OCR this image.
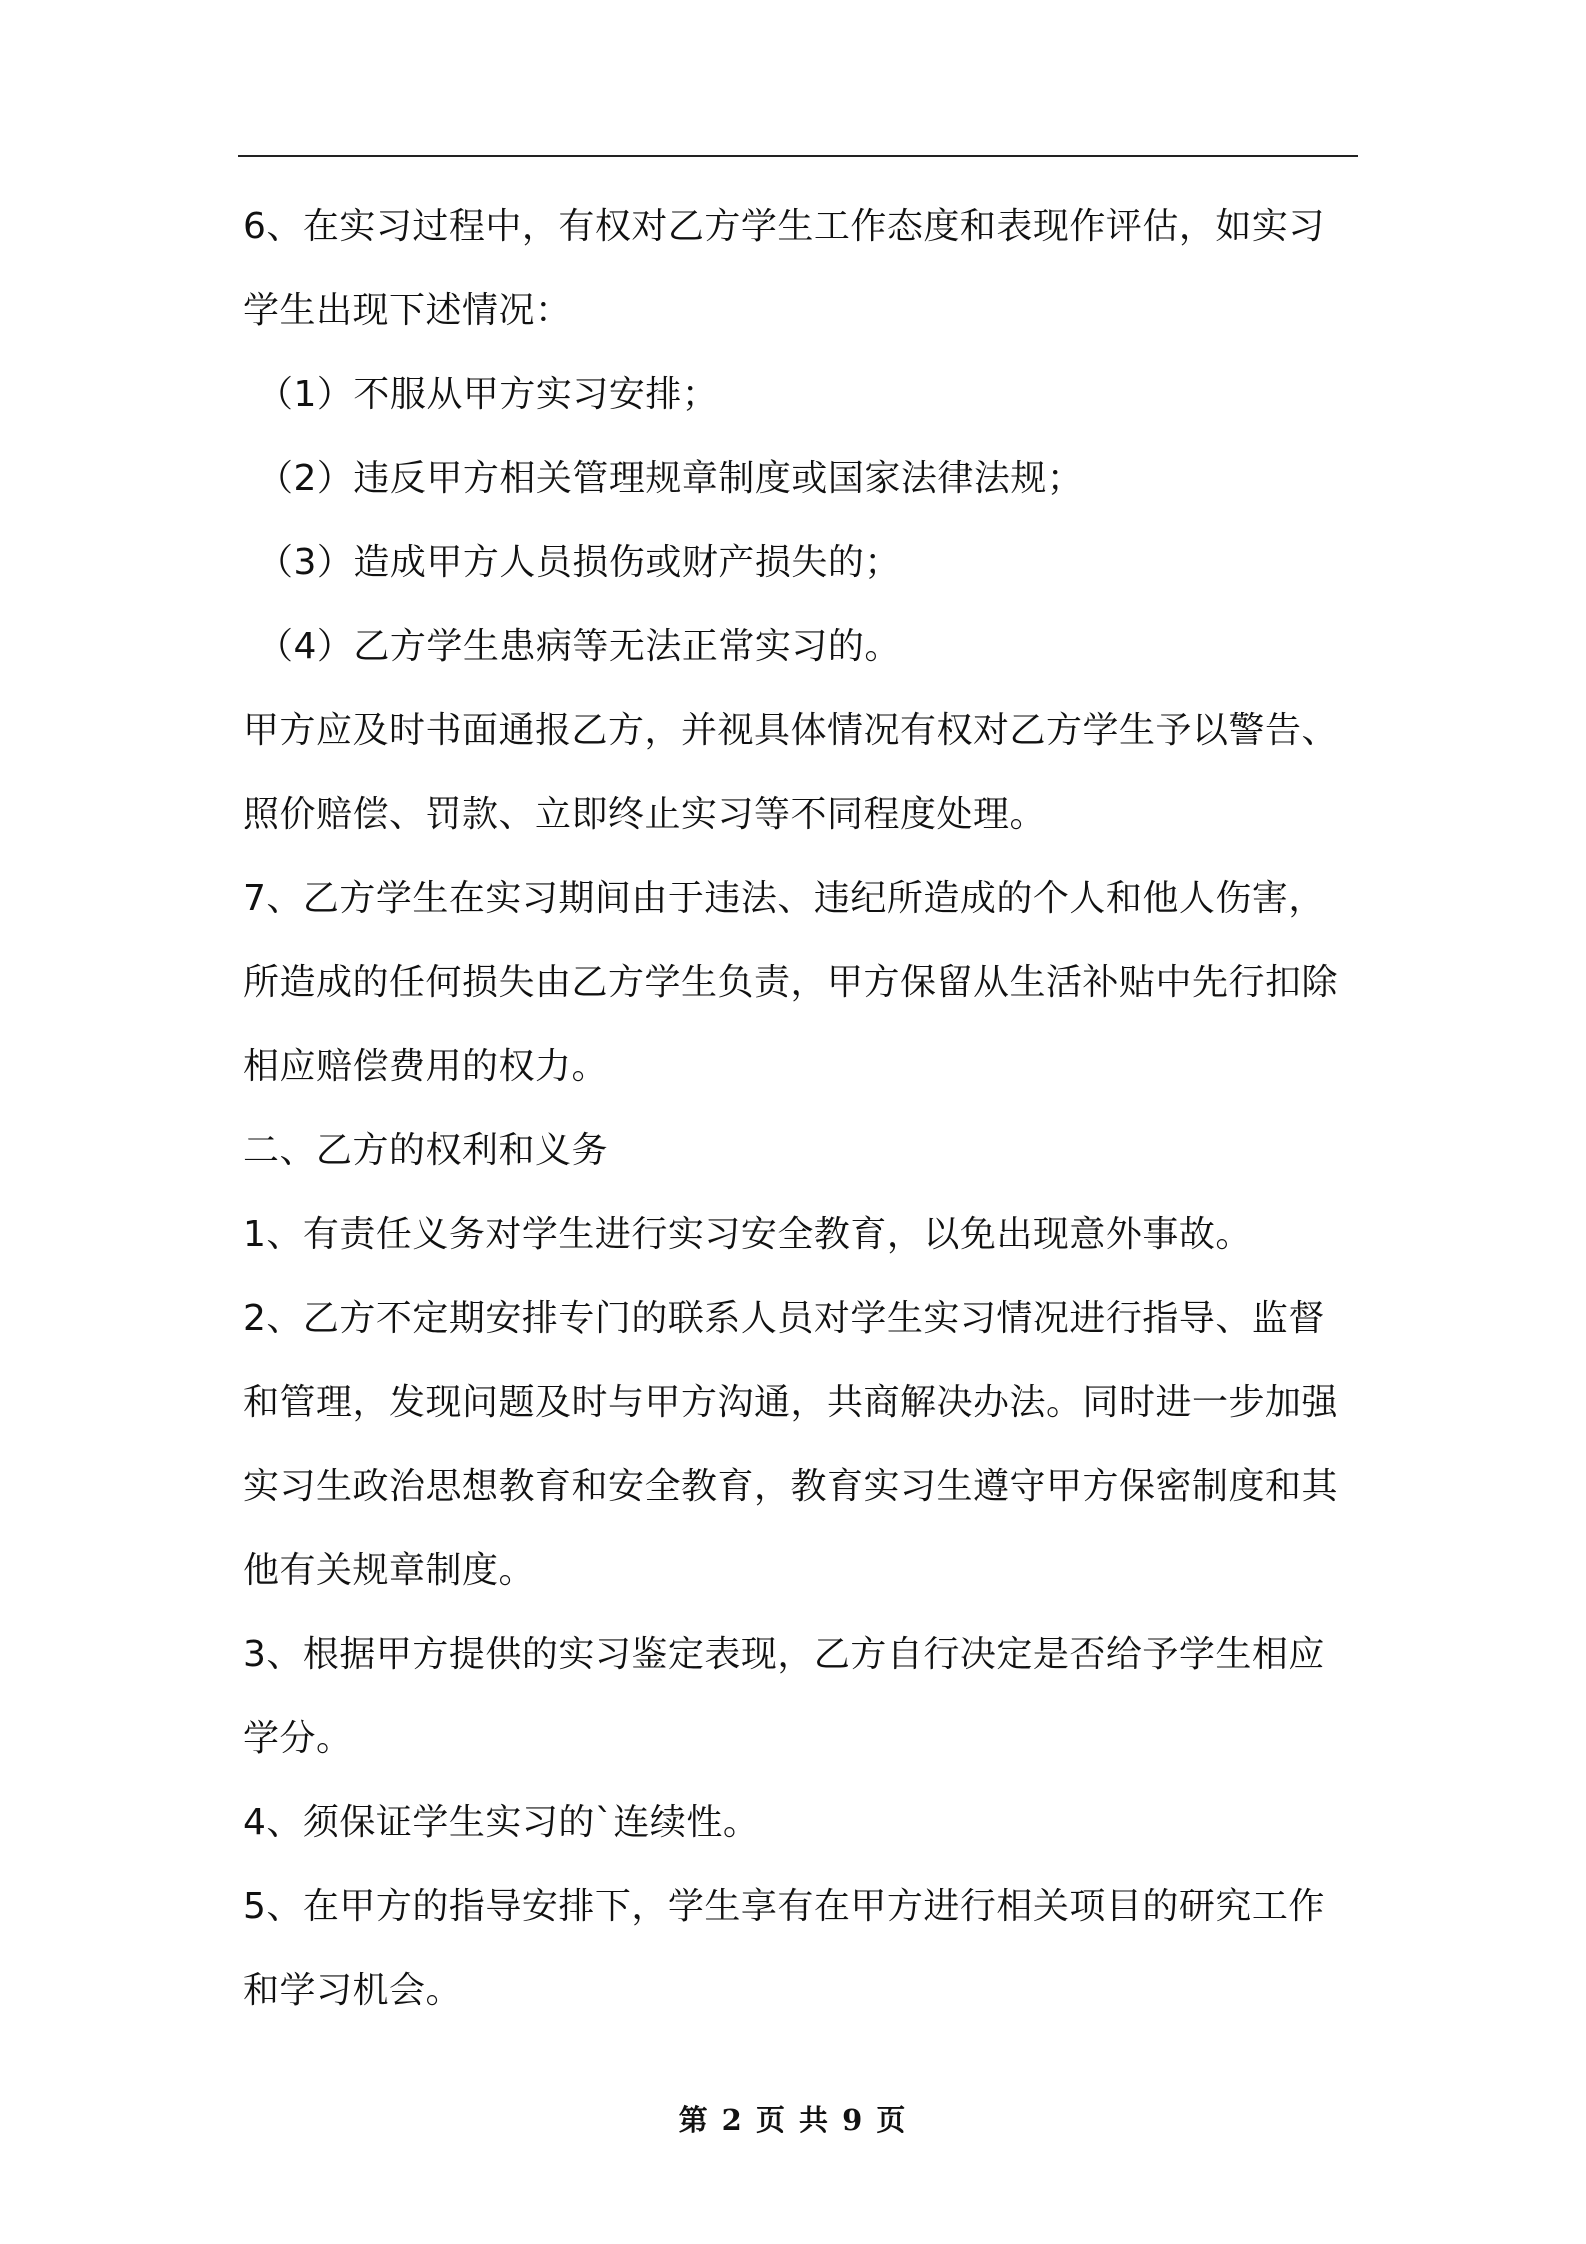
6、在实习过程中，有权对乙方学生工作态度和表现作评估，如实习
学生出现下述情况：
（1）不服从甲方实习安排；
（2）违反甲方相关管理规章制度或国家法律法规；
（3）造成甲方人员损伤或财产损失的；
（4）乙方学生患病等无法正常实习的。
甲方应及时书面通报乙方，并视具体情况有权对乙方学生予以警告、
照价赔偿、罚款、立即终止实习等不同程度处理。
7、乙方学生在实习期间由于违法、违纪所造成的个人和他人伤害，
所造成的任何损失由乙方学生负责，甲方保留从生活补贴中先行扣除
相应赔偿费用的权力。
二、乙方的权利和义务
1、有责任义务对学生进行实习安全教育，以免出现意外事故。
2、乙方不定期安排专门的联系人员对学生实习情况进行指导、监督
和管理，发现问题及时与甲方沟通，共商解决办法。同时进一步加强
实习生政治思想教育和安全教育，教育实习生遵守甲方保密制度和其
他有关规章制度。
3、根据甲方提供的实习鉴定表现，乙方自行决定是否给予学生相应
学分。
4、须保证学生实习的`连续性。
5、在甲方的指导安排下，学生享有在甲方进行相关项目的研究工作
和学习机会。
第 2 页 共 9 页
